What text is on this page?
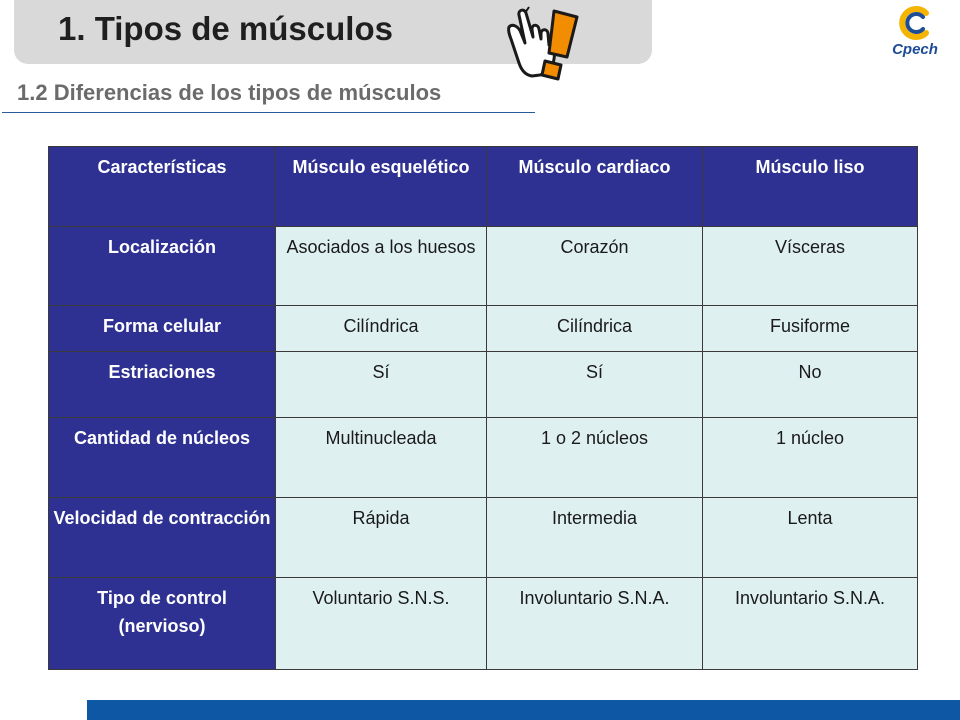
1. Tipos de músculos
Cpech
1.2 Diferencias de los tipos de músculos
Características	Músculo esquelético	Músculo cardiaco	Músculo liso
Localización	Asociados a los huesos	Corazón	Vísceras
Forma celular	Cilíndrica	Cilíndrica	Fusiforme
Estriaciones	Sí	Sí	No
Cantidad de núcleos	Multinucleada	1 o 2 núcleos	1 núcleo
Velocidad de contracción	Rápida	Intermedia	Lenta
Tipo de control (nervioso)	Voluntario S.N.S.	Involuntario S.N.A.	Involuntario S.N.A.
